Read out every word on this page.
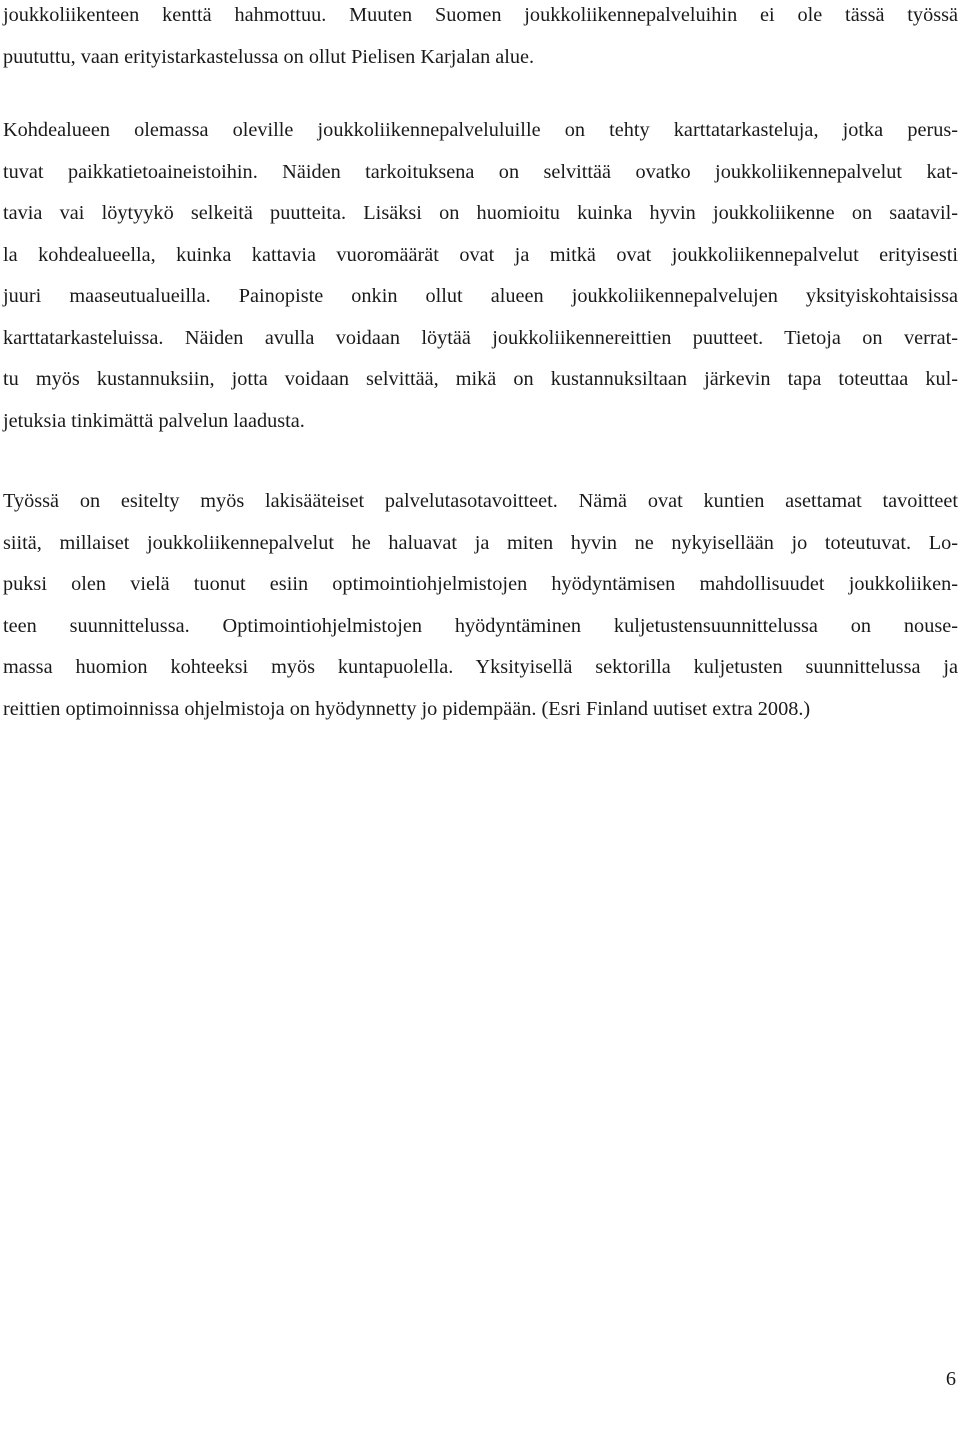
joukkoliikenteen kenttä hahmottuu. Muuten Suomen joukkoliikennepalveluihin ei ole tässä työssä
puututtu, vaan erityistarkastelussa on ollut Pielisen Karjalan alue.

Kohdealueen olemassa oleville joukkoliikennepalveluluille on tehty karttatarkasteluja, jotka perus-
tuvat paikkatietoaineistoihin. Näiden tarkoituksena on selvittää ovatko joukkoliikennepalvelut kat-
tavia vai löytyykö selkeitä puutteita. Lisäksi on huomioitu kuinka hyvin joukkoliikenne on saatavil-
la kohdealueella, kuinka kattavia vuoromäärät ovat ja mitkä ovat joukkoliikennepalvelut erityisesti
juuri maaseutualueilla. Painopiste onkin ollut alueen joukkoliikennepalvelujen yksityiskohtaisissa
karttatarkasteluissa. Näiden avulla voidaan löytää joukkoliikennereittien puutteet. Tietoja on verrat-
tu myös kustannuksiin, jotta voidaan selvittää, mikä on kustannuksiltaan järkevin tapa toteuttaa kul-
jetuksia tinkimättä palvelun laadusta.

Työssä on esitelty myös lakisääteiset palvelutasotavoitteet. Nämä ovat kuntien asettamat tavoitteet
siitä, millaiset joukkoliikennepalvelut he haluavat ja miten hyvin ne nykyisellään jo toteutuvat. Lo-
puksi olen vielä tuonut esiin optimointiohjelmistojen hyödyntämisen mahdollisuudet joukkoliiken-
teen suunnittelussa. Optimointiohjelmistojen hyödyntäminen kuljetustensuunnittelussa on nouse-
massa huomion kohteeksi myös kuntapuolella. Yksityisellä sektorilla kuljetusten suunnittelussa ja
reittien optimoinnissa ohjelmistoja on hyödynnetty jo pidempään. (Esri Finland uutiset extra 2008.)

6
